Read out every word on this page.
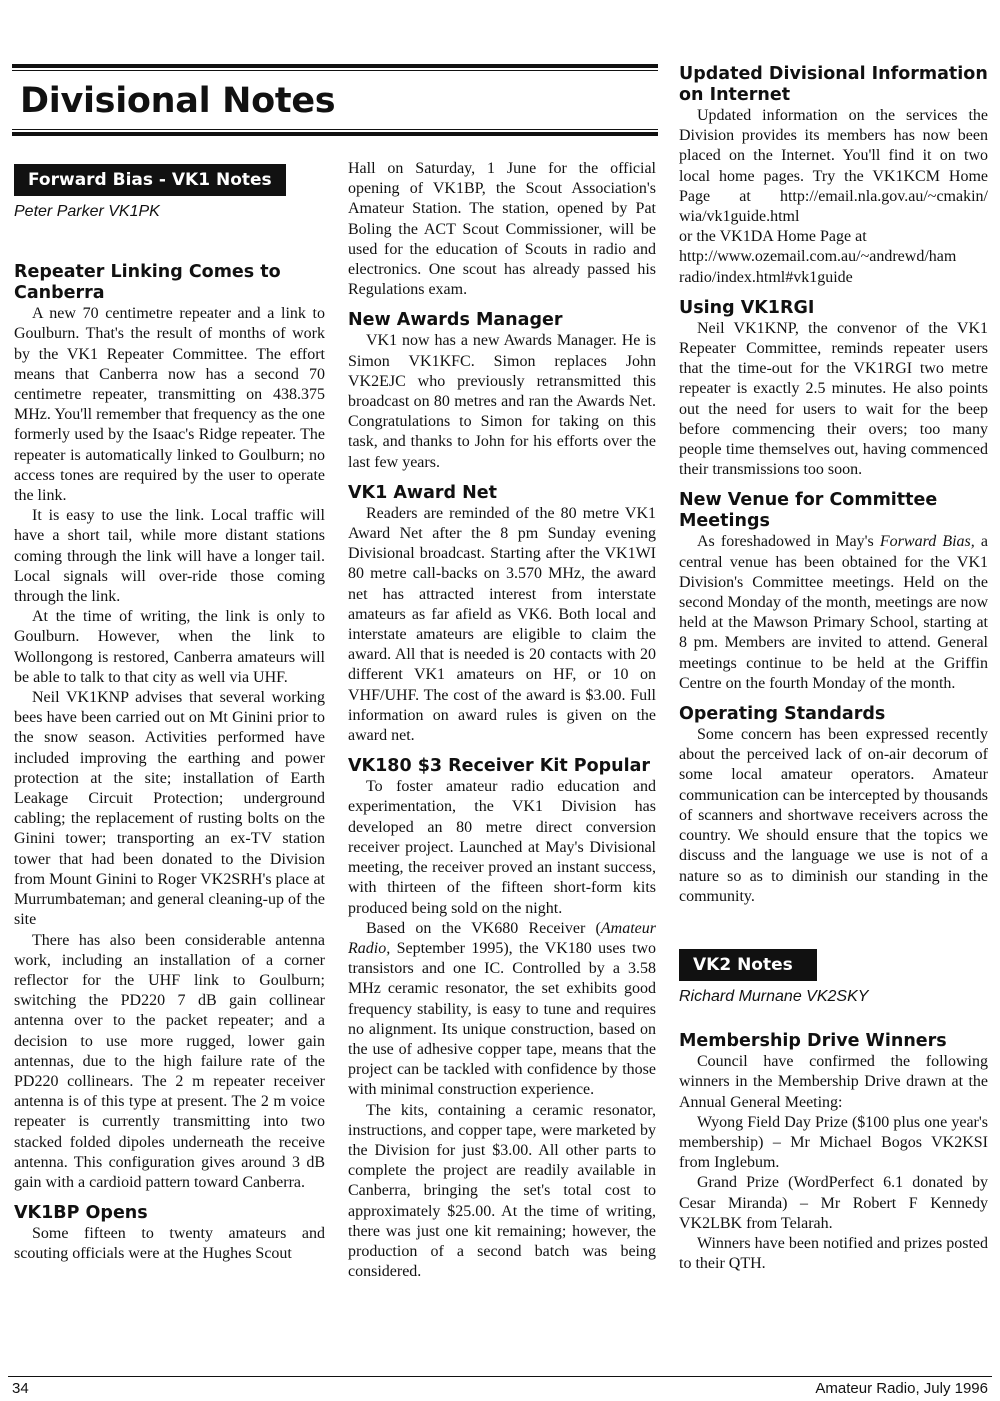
Divisional Notes
Forward Bias - VK1 Notes
Peter Parker VK1PK
Repeater Linking Comes to Canberra

A new 70 centimetre repeater and a link to Goulburn. That's the result of months of work by the VK1 Repeater Committee. The effort means that Canberra now has a second 70 centimetre repeater, transmitting on 438.375 MHz. You'll remember that frequency as the one formerly used by the Isaac's Ridge repeater. The repeater is automatically linked to Goulburn; no access tones are required by the user to operate the link.

It is easy to use the link. Local traffic will have a short tail, while more distant stations coming through the link will have a longer tail. Local signals will over-ride those coming through the link.

At the time of writing, the link is only to Goulburn. However, when the link to Wollongong is restored, Canberra amateurs will be able to talk to that city as well via UHF.

Neil VK1KNP advises that several working bees have been carried out on Mt Ginini prior to the snow season. Activities performed have included improving the earthing and power protection at the site; installation of Earth Leakage Circuit Protection; underground cabling; the replacement of rusting bolts on the Ginini tower; transporting an ex-TV station tower that had been donated to the Division from Mount Ginini to Roger VK2SRH's place at Murrumbateman; and general cleaning-up of the site

There has also been considerable antenna work, including an installation of a corner reflector for the UHF link to Goulburn; switching the PD220 7 dB gain collinear antenna over to the packet repeater; and a decision to use more rugged, lower gain antennas, due to the high failure rate of the PD220 collinears. The 2 m repeater receiver antenna is of this type at present. The 2 m voice repeater is currently transmitting into two stacked folded dipoles underneath the receive antenna. This configuration gives around 3 dB gain with a cardioid pattern toward Canberra.

VK1BP Opens

Some fifteen to twenty amateurs and scouting officials were at the Hughes Scout

Hall on Saturday, 1 June for the official opening of VK1BP, the Scout Association's Amateur Station. The station, opened by Pat Boling the ACT Scout Commissioner, will be used for the education of Scouts in radio and electronics. One scout has already passed his Regulations exam.

New Awards Manager

VK1 now has a new Awards Manager. He is Simon VK1KFC. Simon replaces John VK2EJC who previously retransmitted this broadcast on 80 metres and ran the Awards Net. Congratulations to Simon for taking on this task, and thanks to John for his efforts over the last few years.

VK1 Award Net

Readers are reminded of the 80 metre VK1 Award Net after the 8 pm Sunday evening Divisional broadcast. Starting after the VK1WI 80 metre call-backs on 3.570 MHz, the award net has attracted interest from interstate amateurs as far afield as VK6. Both local and interstate amateurs are eligible to claim the award. All that is needed is 20 contacts with 20 different VK1 amateurs on HF, or 10 on VHF/UHF. The cost of the award is $3.00. Full information on award rules is given on the award net.

VK180 $3 Receiver Kit Popular

To foster amateur radio education and experimentation, the VK1 Division has developed an 80 metre direct conversion receiver project. Launched at May's Divisional meeting, the receiver proved an instant success, with thirteen of the fifteen short-form kits produced being sold on the night.

Based on the VK680 Receiver (Amateur Radio, September 1995), the VK180 uses two transistors and one IC. Controlled by a 3.58 MHz ceramic resonator, the set exhibits good frequency stability, is easy to tune and requires no alignment. Its unique construction, based on the use of adhesive copper tape, means that the project can be tackled with confidence by those with minimal construction experience.

The kits, containing a ceramic resonator, instructions, and copper tape, were marketed by the Division for just $3.00. All other parts to complete the project are readily available in Canberra, bringing the set's total cost to approximately $25.00. At the time of writing, there was just one kit remaining; however, the production of a second batch was being considered.

Updated Divisional Information on Internet

Updated information on the services the Division provides its members has now been placed on the Internet. You'll find it on two local home pages. Try the VK1KCM Home Page at http://email.nla.gov.au/~cmakin/ wia/vk1guide.html

or the VK1DA Home Page at

http://www.ozemail.com.au/~andrewd/ham radio/index.html#vk1guide

Using VK1RGI

Neil VK1KNP, the convenor of the VK1 Repeater Committee, reminds repeater users that the time-out for the VK1RGI two metre repeater is exactly 2.5 minutes. He also points out the need for users to wait for the beep before commencing their overs; too many people time themselves out, having commenced their transmissions too soon.

New Venue for Committee Meetings

As foreshadowed in May's Forward Bias, a central venue has been obtained for the VK1 Division's Committee meetings. Held on the second Monday of the month, meetings are now held at the Mawson Primary School, starting at 8 pm. Members are invited to attend. General meetings continue to be held at the Griffin Centre on the fourth Monday of the month.

Operating Standards

Some concern has been expressed recently about the perceived lack of on-air decorum of some local amateur operators. Amateur communication can be intercepted by thousands of scanners and shortwave receivers across the country. We should ensure that the topics we discuss and the language we use is not of a nature so as to diminish our standing in the community.

VK2 Notes
Richard Murnane VK2SKY
Membership Drive Winners

Council have confirmed the following winners in the Membership Drive drawn at the Annual General Meeting:

Wyong Field Day Prize ($100 plus one year's membership) – Mr Michael Bogos VK2KSI from Inglebum.

Grand Prize (WordPerfect 6.1 donated by Cesar Miranda) – Mr Robert F Kennedy VK2LBK from Telarah.

Winners have been notified and prizes posted to their QTH.

34	Amateur Radio, July 1996
